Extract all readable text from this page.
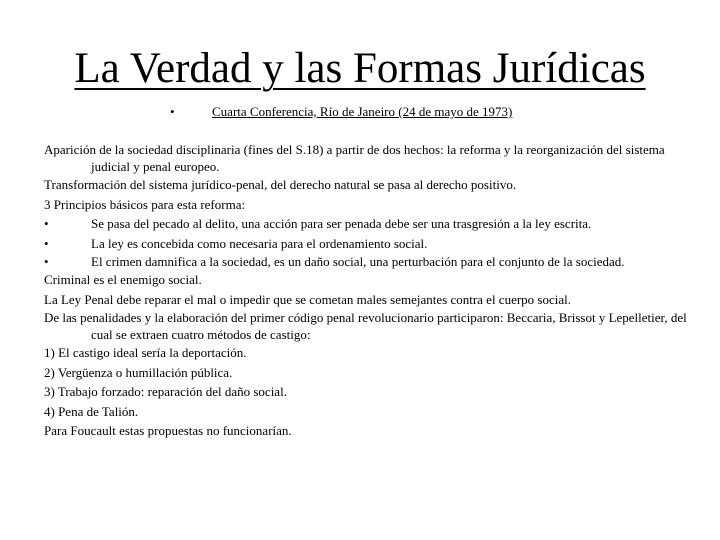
La Verdad y las Formas Jurídicas
•	Cuarta Conferencia, Río de Janeiro (24 de mayo de 1973)

Aparición de la sociedad disciplinaria (fines del S.18) a partir de dos hechos: la reforma y la reorganización del sistema judicial y penal europeo.

Transformación del sistema jurídico-penal, del derecho natural se pasa al derecho positivo.

3 Principios básicos para esta reforma:

•	Se pasa del pecado al delito, una acción para ser penada debe ser una trasgresión a la ley escrita.

•	La ley es concebida como necesaria para el ordenamiento social.

•	El crimen damnifica a la sociedad, es un daño social, una perturbación para el conjunto de la sociedad.

Criminal es el enemigo social.

La Ley Penal debe reparar el mal o impedir que se cometan males semejantes contra el cuerpo social.

De las penalidades y la elaboración del primer código penal revolucionario participaron: Beccaria, Brissot y Lepelletier, del cual se extraen cuatro métodos de castigo:

1) El castigo ideal sería la deportación.

2) Vergüenza o humillación pública.

3) Trabajo forzado: reparación del daño social.

4) Pena de Talión.

Para Foucault estas propuestas no funcionarían.
